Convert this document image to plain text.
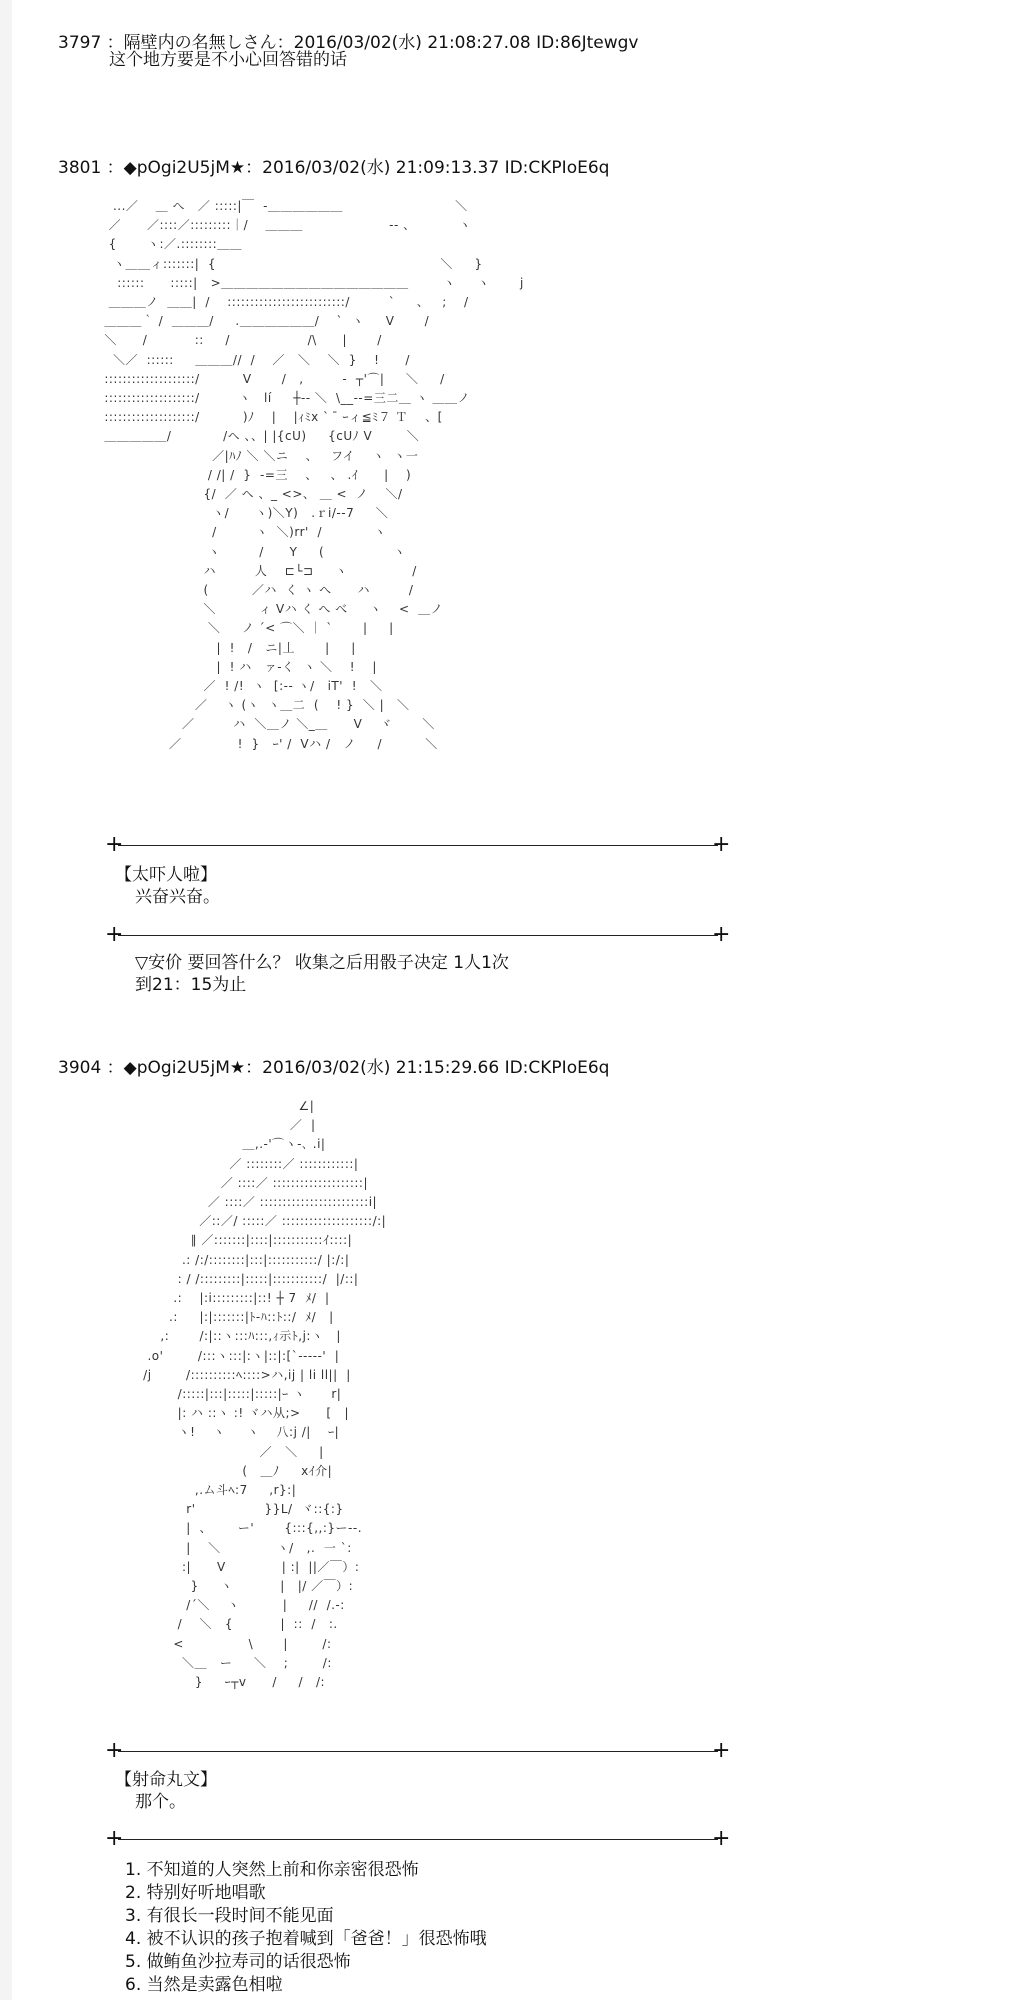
3797 ：隔壁内の名無しさん：2016/03/02(水) 21:08:27.08 ID:86Jtewgv
这个地方要是不小心回答错的话
3801 ：◆pOgi2U5jM★：2016/03/02(水) 21:09:13.37 ID:CKPIoE6q
...／    ＿ へ   ／ :::::|￣  -＿＿＿＿＿＿                          ＼
／      ／::::／:::::::::｜/    ＿＿＿                    -- 、          ヽ
{       ヽ:／.::::::::＿＿
ヽ＿＿ィ:::::::|  {                                                    ＼     }
::::::      :::::|   >＿＿＿＿＿＿＿＿＿＿＿＿＿＿＿        ヽ     ヽ       j
＿＿＿ノ  ＿＿|  /    ::::::::::::::::::::::::::/         `     、   ;    /
＿＿＿｀ /  ＿＿＿/     .＿＿＿＿＿＿/    `  ヽ     V       /
＼      /           ::     /                  /\      |       /
＼／  ::::::     ＿＿＿//  /    ／   ＼    ＼  }    !      /
::::::::::::::::::::/          V       /   ,         -  ┬'⌒|     ＼     /
::::::::::::::::::::/         ヽ   lí     ┼-- ＼  \__--=三二＿ ヽ ＿＿ノ
::::::::::::::::::::/          )ﾉ    |    |ｨﾐx `  ̄ ｰィ≦ﾐ７ Ｔ    、[
＿＿＿＿＿/            /ヘ 、、| |{cU)     {cUﾉ V        ＼
／|ﾊﾉ ＼ ＼ニ    、   フイ    ヽ  ヽ一
/ /| /  }  -=三    、   、 .ｲ      |    )
{/  ／ ヘ 、_ <>、 ＿ <  ノ    ＼/
ヽ/      ヽ)＼Y)   .ｒi/--7     ＼
/         ヽ  ＼)rr'  /            ヽ
ヽ         /      Y     (                ヽ
ハ         人    ⊏└⊐     ヽ               /
(          ／ハ  く ヽ へ      ハ         /
＼          ィ Vハ く へ べ     ヽ    <  ＿ノ
＼     ノ ´< ⌒＼ ｜ `       |     |
|  !   /   ニ|丄       |     |
|  ! ハ   ァ-く  ヽ ＼    !    |
／  ! /!  ヽ  [:-- ヽ/   iT'  !   ＼
／    ヽ (ヽ  ヽ＿二  (    ! }  ＼ |   ＼
／         ハ  ＼＿ノ ＼_＿      V    ヾ       ＼
／             !  }   ｰ' /  Vハ /   ノ     /          ＼
+	+
【太吓人啦】
兴奋兴奋。
+	+
▽安价 要回答什么？ 收集之后用骰子决定 1人1次
到21：15为止
3904 ：◆pOgi2U5jM★：2016/03/02(水) 21:15:29.66 ID:CKPIoE6q
∠|
／  |
＿,.-'⌒ヽ-､ .i|
／ ::::::::／ ::::::::::::|
／ ::::／ ::::::::::::::::::::|
／ ::::／ ::::::::::::::::::::::::i|
／::／/ :::::／ ::::::::::::::::::::/:|
∥ ／:::::::|::::|:::::::::::ｲ::::|
.: /:/::::::::|:::|:::::::::::/ |:/:|
: / /:::::::::|:::::|:::::::::::/  |/::|
.:    |:i:::::::::|::! ┼ 7  ﾒ/  |
.:     |:|:::::::|ﾄ-ﾊ::ﾄ::/  ﾒ/   |
,:       /:|::ヽ:::ﾊ:::,ｨ示ﾄ,j:ヽ   |
.o'        /:::ヽ:::|:ヽ|::|:[`-----'  |
/j        /::::::::::ﾍ::::>ハ,ij | li ll||  |
/:::::|:::|:::::|:::::|ｰ ヽ      r|
|: ハ ::ヽ :! ヾハ从;>      [   |
ヽ!    ヽ     ヽ    八:j /|    ｰ|
／   ＼     |
(   ＿ﾉ     xｲ介|
,.ム斗ﾍ:7     ,r}:|
r'                }}L/  ヾ::{:}
|  、      ー'       {:::{,,:}ー--.
|    ＼             ヽ/   ,.  一 `:
:|      V             | :|  ||／￣）:
}     ヽ           |   |/ ／￣）:
/´＼    ヽ          |     //  /.-:
/    ＼   {           |  ::  /   :.
<               \       |        /:
＼＿   ー     ＼    ;        /:
}     ｰ┬v      /     /   /:
+	+
【射命丸文】
那个。
+	+
1. 不知道的人突然上前和你亲密很恐怖
2. 特别好听地唱歌
3. 有很长一段时间不能见面
4. 被不认识的孩子抱着喊到「爸爸！」很恐怖哦
5. 做鲔鱼沙拉寿司的话很恐怖
6. 当然是卖露色相啦
